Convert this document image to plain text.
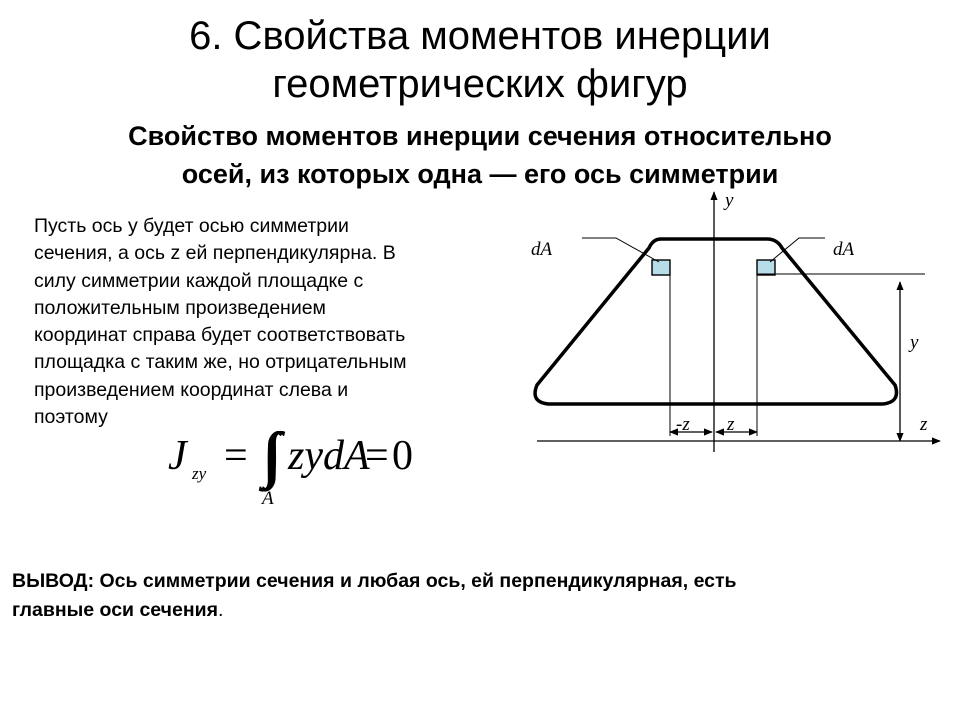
6. Свойства моментов инерции
геометрических фигур
Свойство моментов инерции сечения относительно
осей, из которых одна — его ось симметрии
Пусть ось y будет осью симметрии
сечения, а ось z ей перпендикулярна. В
силу симметрии каждой площадке с
положительным произведением
координат справа будет соответствовать
площадка с таким же, но отрицательным
произведением координат слева и
поэтому
J zy = ∫∫
A
zydA
= 0
y
dA	dA
y
z
-z z
ВЫВОД: Ось симметрии сечения и любая ось, ей перпендикулярная, есть
главные оси сечения.
